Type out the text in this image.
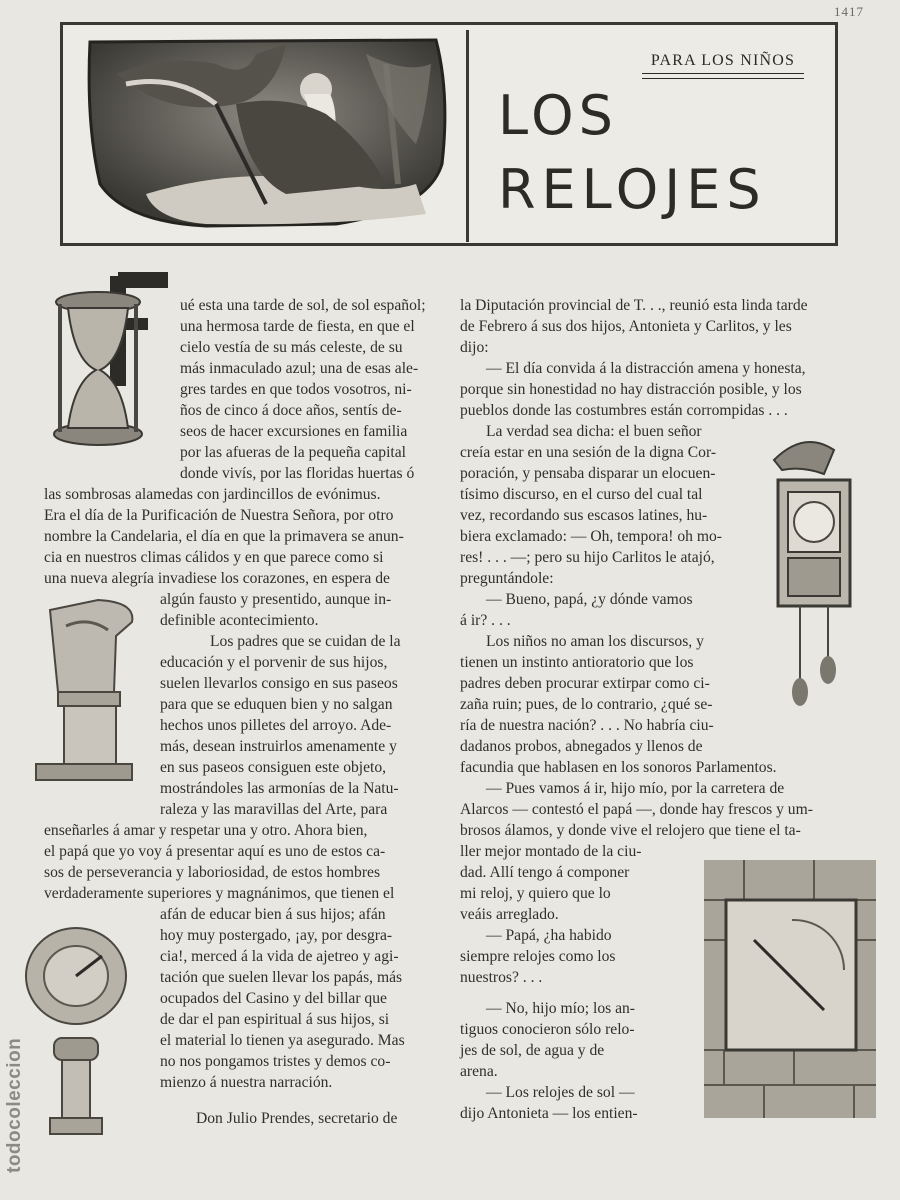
1417
todocoleccion
PARA LOS NIÑOS
LOS
RELOJES
ué esta una tarde de sol, de sol español;
una hermosa tarde de fiesta, en que el
cielo vestía de su más celeste, de su
más inmaculado azul; una de esas ale-
gres tardes en que todos vosotros, ni-
ños de cinco á doce años, sentís de-
seos de hacer excursiones en familia
por las afueras de la pequeña capital
donde vivís, por las floridas huertas ó
las sombrosas alamedas con jardincillos de evónimus.
Era el día de la Purificación de Nuestra Señora, por otro
nombre la Candelaria, el día en que la primavera se anun-
cia en nuestros climas cálidos y en que parece como si
una nueva alegría invadiese los corazones, en espera de
algún fausto y presentido, aunque in-
definible acontecimiento.
Los padres que se cuidan de la
educación y el porvenir de sus hijos,
suelen llevarlos consigo en sus paseos
para que se eduquen bien y no salgan
hechos unos pilletes del arroyo. Ade-
más, desean instruirlos amenamente y
en sus paseos consiguen este objeto,
mostrándoles las armonías de la Natu-
raleza y las maravillas del Arte, para
enseñarles á amar y respetar una y otro. Ahora bien,
el papá que yo voy á presentar aquí es uno de estos ca-
sos de perseverancia y laboriosidad, de estos hombres
verdaderamente superiores y magnánimos, que tienen el
afán de educar bien á sus hijos; afán
hoy muy postergado, ¡ay, por desgra-
cia!, merced á la vida de ajetreo y agi-
tación que suelen llevar los papás, más
ocupados del Casino y del billar que
de dar el pan espiritual á sus hijos, si
el material lo tienen ya asegurado. Mas
no nos pongamos tristes y demos co-
mienzo á nuestra narración.
Don Julio Prendes, secretario de
la Diputación provincial de T. . ., reunió esta linda tarde
de Febrero á sus dos hijos, Antonieta y Carlitos, y les
dijo:
— El día convida á la distracción amena y honesta,
porque sin honestidad no hay distracción posible, y los
pueblos donde las costumbres están corrompidas . . .
La verdad sea dicha: el buen señor
creía estar en una sesión de la digna Cor-
poración, y pensaba disparar un elocuen-
tísimo discurso, en el curso del cual tal
vez, recordando sus escasos latines, hu-
biera exclamado: — Oh, tempora! oh mo-
res! . . . —; pero su hijo Carlitos le atajó,
preguntándole:
— Bueno, papá, ¿y dónde vamos
á ir? . . .
Los niños no aman los discursos, y
tienen un instinto antioratorio que los
padres deben procurar extirpar como ci-
zaña ruin; pues, de lo contrario, ¿qué se-
ría de nuestra nación? . . . No habría ciu-
dadanos probos, abnegados y llenos de
facundia que hablasen en los sonoros Parlamentos.
— Pues vamos á ir, hijo mío, por la carretera de
Alarcos — contestó el papá —, donde hay frescos y um-
brosos álamos, y donde vive el relojero que tiene el ta-
ller mejor montado de la ciu-
dad. Allí tengo á componer
mi reloj, y quiero que lo
veáis arreglado.
— Papá, ¿ha habido
siempre relojes como los
nuestros? . . .
— No, hijo mío; los an-
tiguos conocieron sólo relo-
jes de sol, de agua y de
arena.
— Los relojes de sol —
dijo Antonieta — los entien-
